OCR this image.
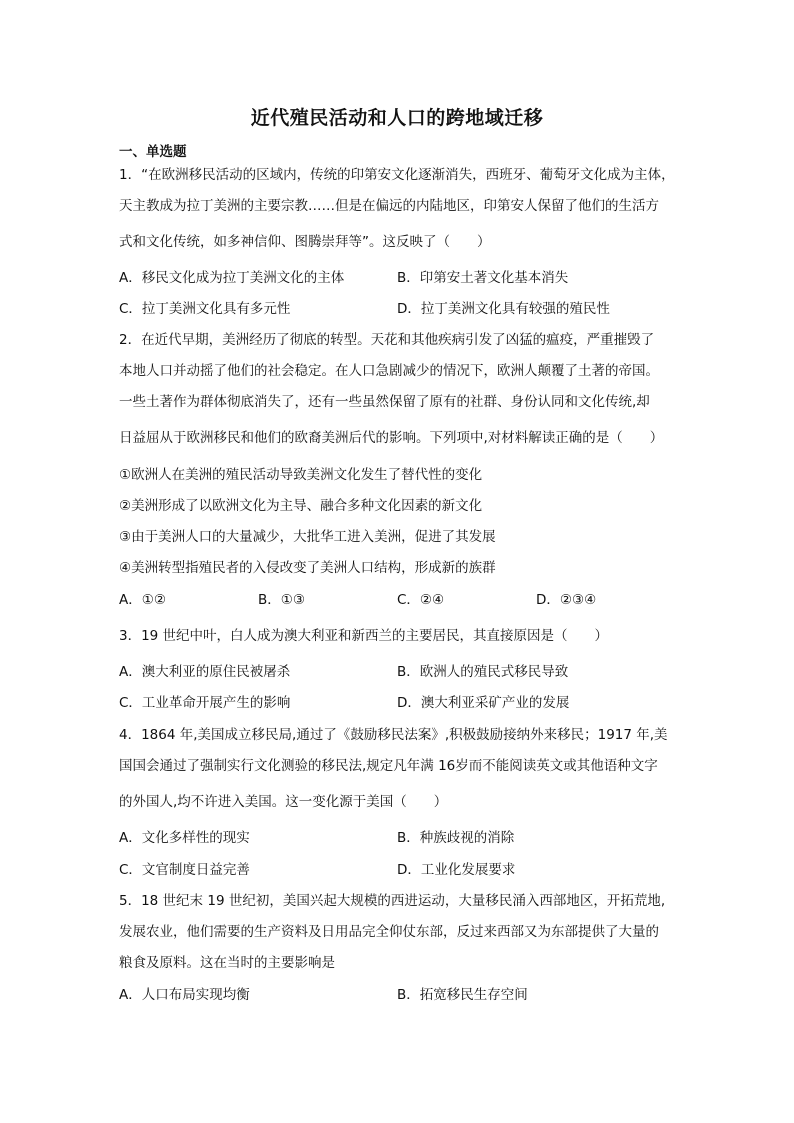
近代殖民活动和人口的跨地域迁移
一、单选题
1．“在欧洲移民活动的区域内，传统的印第安文化逐渐消失，西班牙、葡萄牙文化成为主体，
天主教成为拉丁美洲的主要宗教……但是在偏远的内陆地区，印第安人保留了他们的生活方
式和文化传统，如多神信仰、图腾崇拜等”。这反映了（　　）
A．移民文化成为拉丁美洲文化的主体	B．印第安土著文化基本消失
C．拉丁美洲文化具有多元性	D．拉丁美洲文化具有较强的殖民性
2．在近代早期，美洲经历了彻底的转型。天花和其他疾病引发了凶猛的瘟疫，严重摧毁了
本地人口并动摇了他们的社会稳定。在人口急剧减少的情况下，欧洲人颠覆了土著的帝国。
一些土著作为群体彻底消失了，还有一些虽然保留了原有的社群、身份认同和文化传统,却
日益屈从于欧洲移民和他们的欧裔美洲后代的影响。下列项中,对材料解读正确的是（　　）
①欧洲人在美洲的殖民活动导致美洲文化发生了替代性的变化
②美洲形成了以欧洲文化为主导、融合多种文化因素的新文化
③由于美洲人口的大量减少，大批华工进入美洲，促进了其发展
④美洲转型指殖民者的入侵改变了美洲人口结构，形成新的族群
A．①②	B．①③	C．②④	D．②③④
3．19 世纪中叶，白人成为澳大利亚和新西兰的主要居民，其直接原因是（　　）
A．澳大利亚的原住民被屠杀	B．欧洲人的殖民式移民导致
C．工业革命开展产生的影响	D．澳大利亚采矿产业的发展
4．1864 年,美国成立移民局,通过了《鼓励移民法案》,积极鼓励接纳外来移民；1917 年,美
国国会通过了强制实行文化测验的移民法,规定凡年满 16岁而不能阅读英文或其他语种文字
的外国人,均不许进入美国。这一变化源于美国（　　）
A．文化多样性的现实	B．种族歧视的消除
C．文官制度日益完善	D．工业化发展要求
5．18 世纪末 19 世纪初，美国兴起大规模的西进运动，大量移民涌入西部地区，开拓荒地,
发展农业，他们需要的生产资料及日用品完全仰仗东部，反过来西部又为东部提供了大量的
粮食及原料。这在当时的主要影响是
A．人口布局实现均衡	B．拓宽移民生存空间
